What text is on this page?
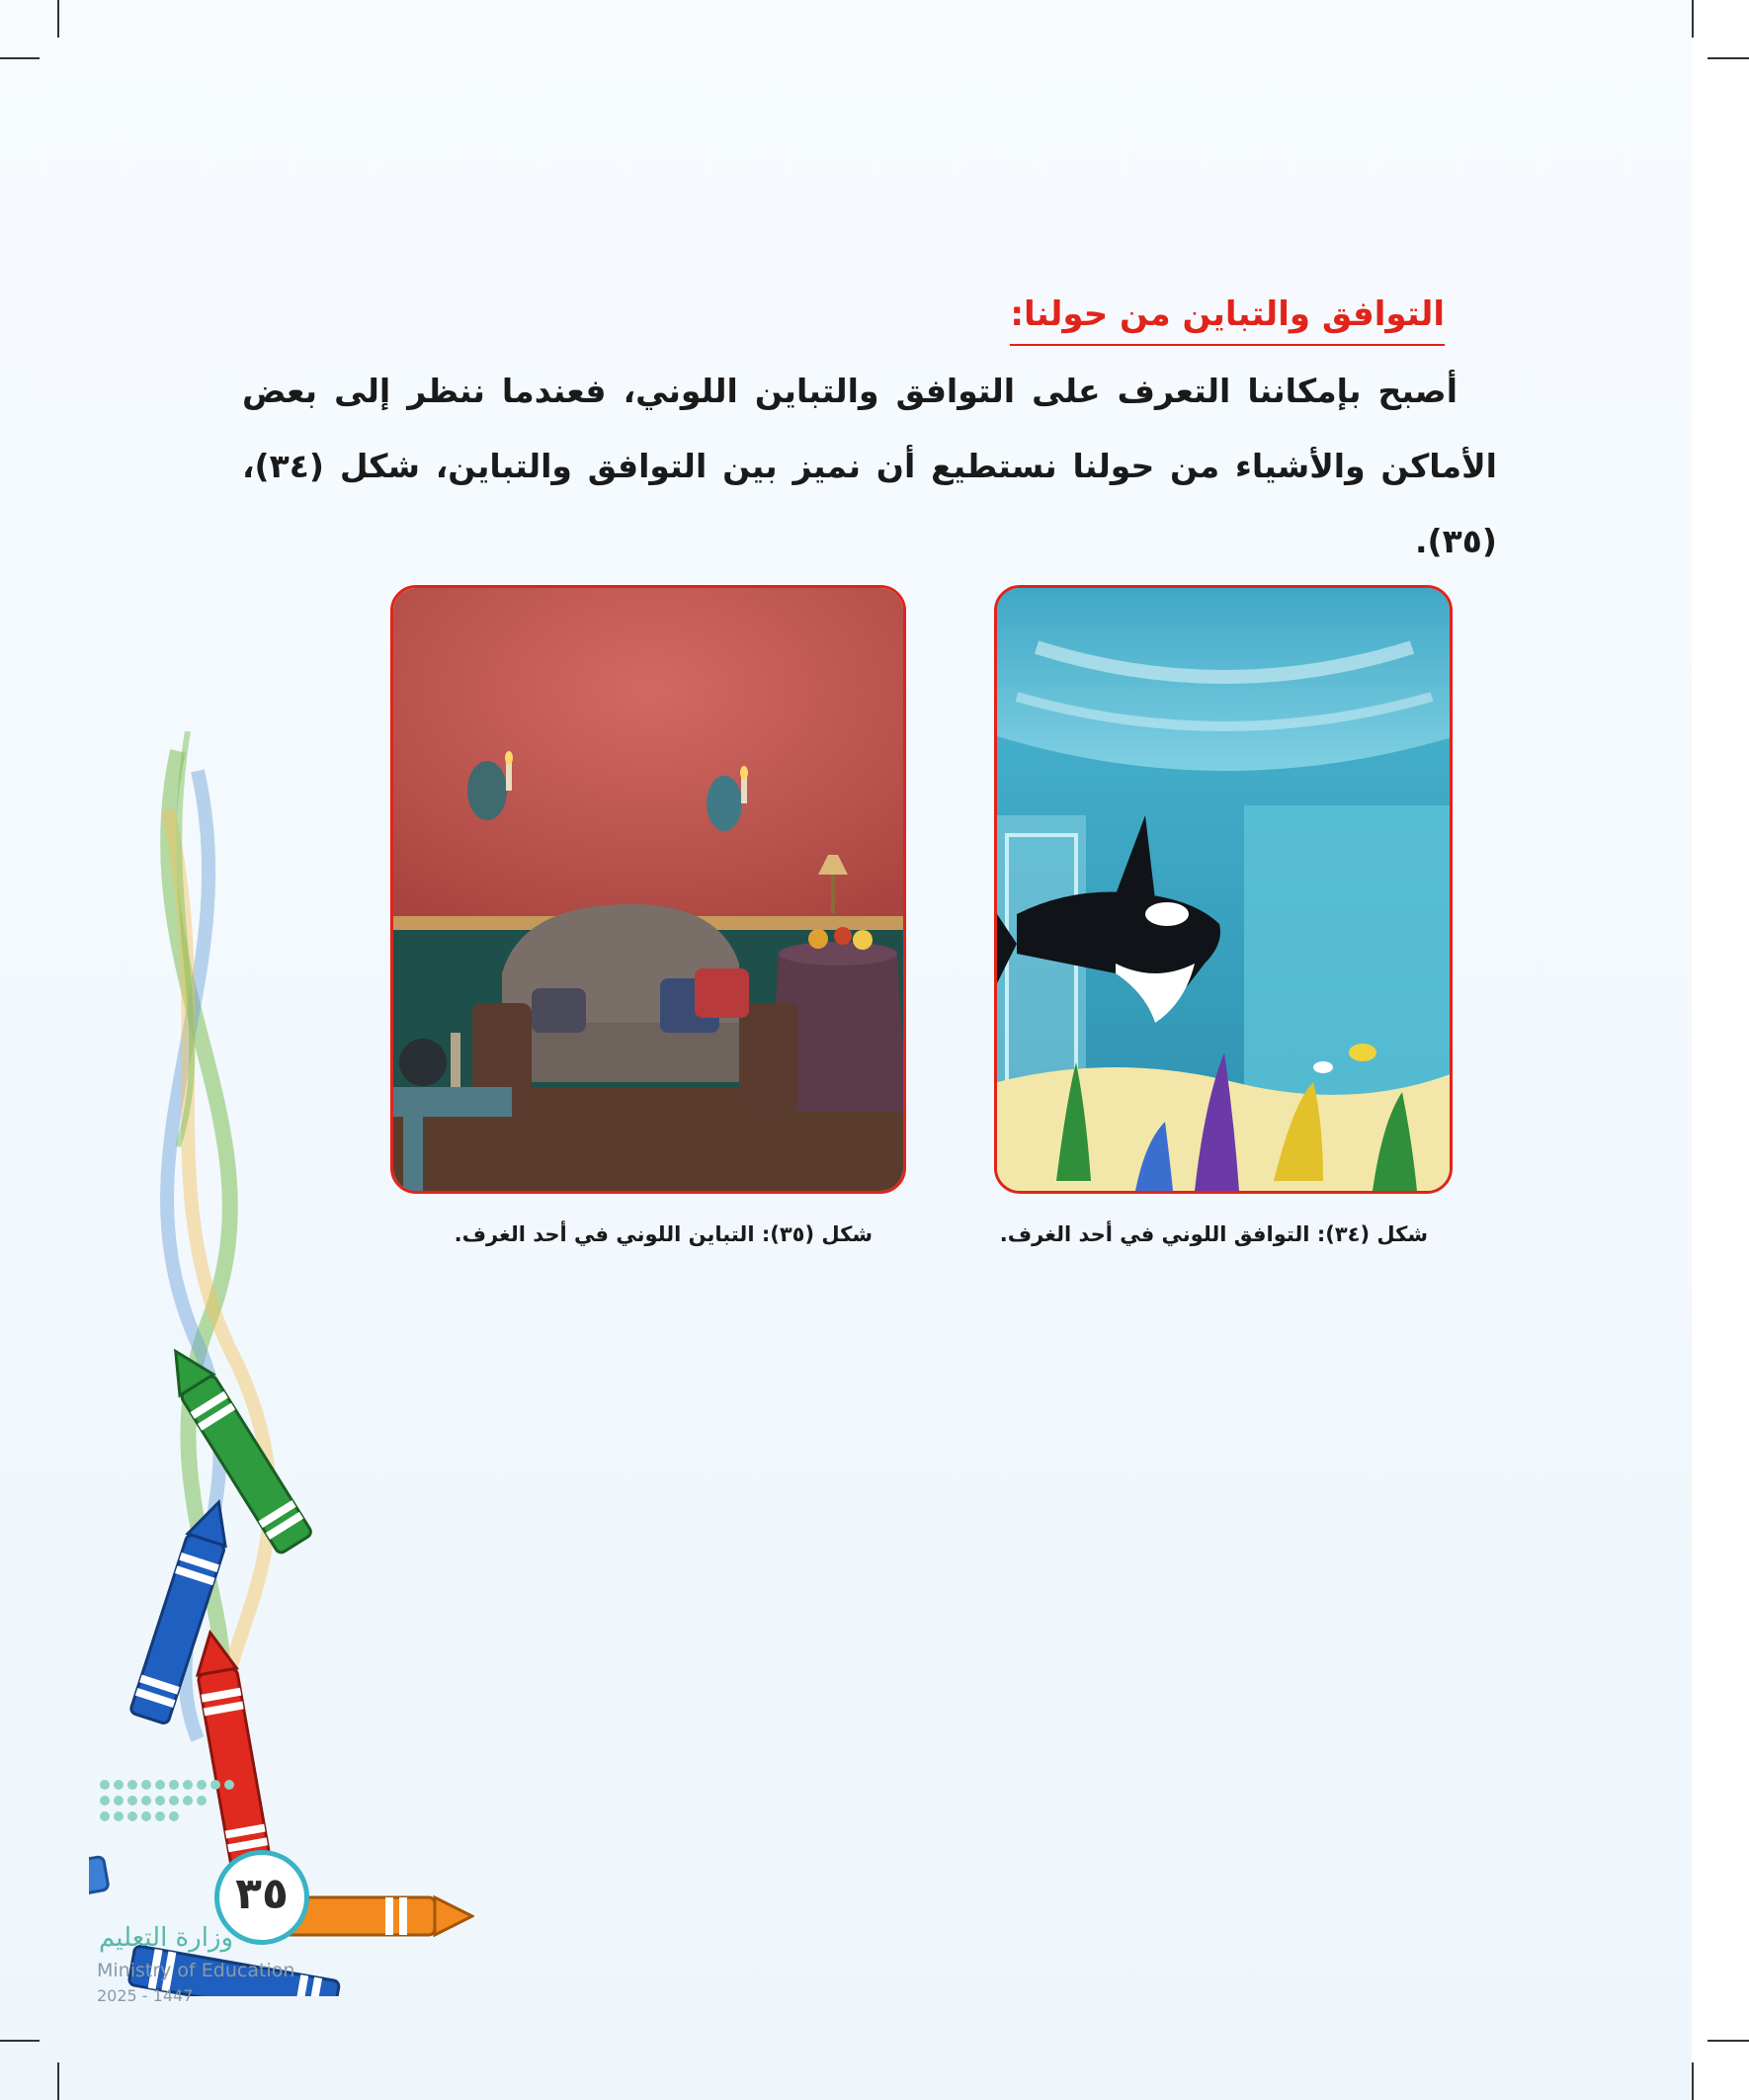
التوافق والتباين من حولنا:
أصبح بإمكاننا التعرف على التوافق والتباين اللوني، فعندما ننظر إلى بعض الأماكن والأشياء من حولنا نستطيع أن نميز بين التوافق والتباين، شكل (٣٤)، (٣٥).
شكل (٣٤): التوافق اللوني في أحد الغرف.
شكل (٣٥): التباين اللوني في أحد الغرف.
٣٥
وزارة التعليم
Ministry of Education
2025 - 1447
